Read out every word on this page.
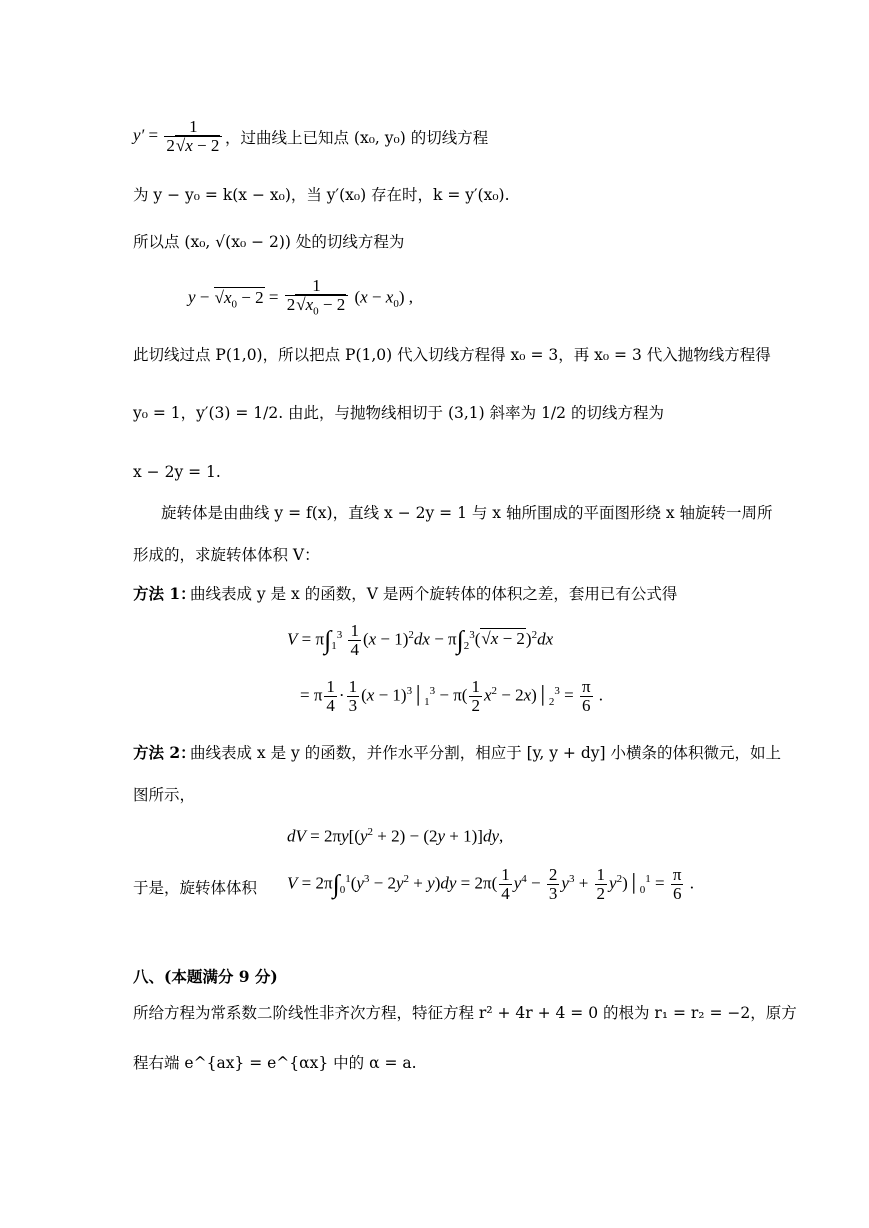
$y' = \frac{1}{2√x - 2}$ ，过曲线上已知点 (x₀, y₀) 的切线方程
为 y − y₀ = k(x − x₀)，当 y′(x₀) 存在时，k = y′(x₀).
所以点 (x₀, √(x₀ − 2)) 处的切线方程为
$y - √x_0 - 2 = \frac{1}{2√x_0 - 2} (x - x_0)$ ,
此切线过点 P(1,0)，所以把点 P(1,0) 代入切线方程得 x₀ = 3，再 x₀ = 3 代入抛物线方程得
y₀ = 1，y′(3) = 1/2. 由此，与抛物线相切于 (3,1) 斜率为 1/2 的切线方程为
x − 2y = 1.
旋转体是由曲线 y = f(x)，直线 x − 2y = 1 与 x 轴所围成的平面图形绕 x 轴旋转一周所
形成的，求旋转体体积 V：
方法 1：
曲线表成 y 是 x 的函数，V 是两个旋转体的体积之差，套用已有公式得
$V = \pi\int_1^3 \frac{1}{4} (x - 1)^2dx - \pi\int_2^3(√x - 2)^2dx$
= π $\frac{1}{4} \cdot \frac{1}{3} (x$ − $1)^3│_1^3 - \pi( \frac{1}{2} x^2$ − $2x)│_2^3 = \frac{\pi}{6}$ .
方法 2：
曲线表成 x 是 y 的函数，并作水平分割，相应于 [y, y + dy] 小横条的体积微元，如上
图所示，
dV = $2\pi y[(y^2 + 2) - (2y + 1)]dy$,
于是，旋转体体积 $V = 2\pi\int_0^1(y^3 - 2y^2 + y)dy = 2\pi( \frac{1}{4} y^4 - \frac{2}{3} y^3 + \frac{1}{2}$ $y^2)│_0^1 = \frac{\pi}{6}$ .
八、(本题满分 9 分)
所给方程为常系数二阶线性非齐次方程，特征方程 r² + 4r + 4 = 0 的根为 r₁ = r₂ = −2，原方
程右端 e^{ax} = e^{αx} 中的 α = a.
